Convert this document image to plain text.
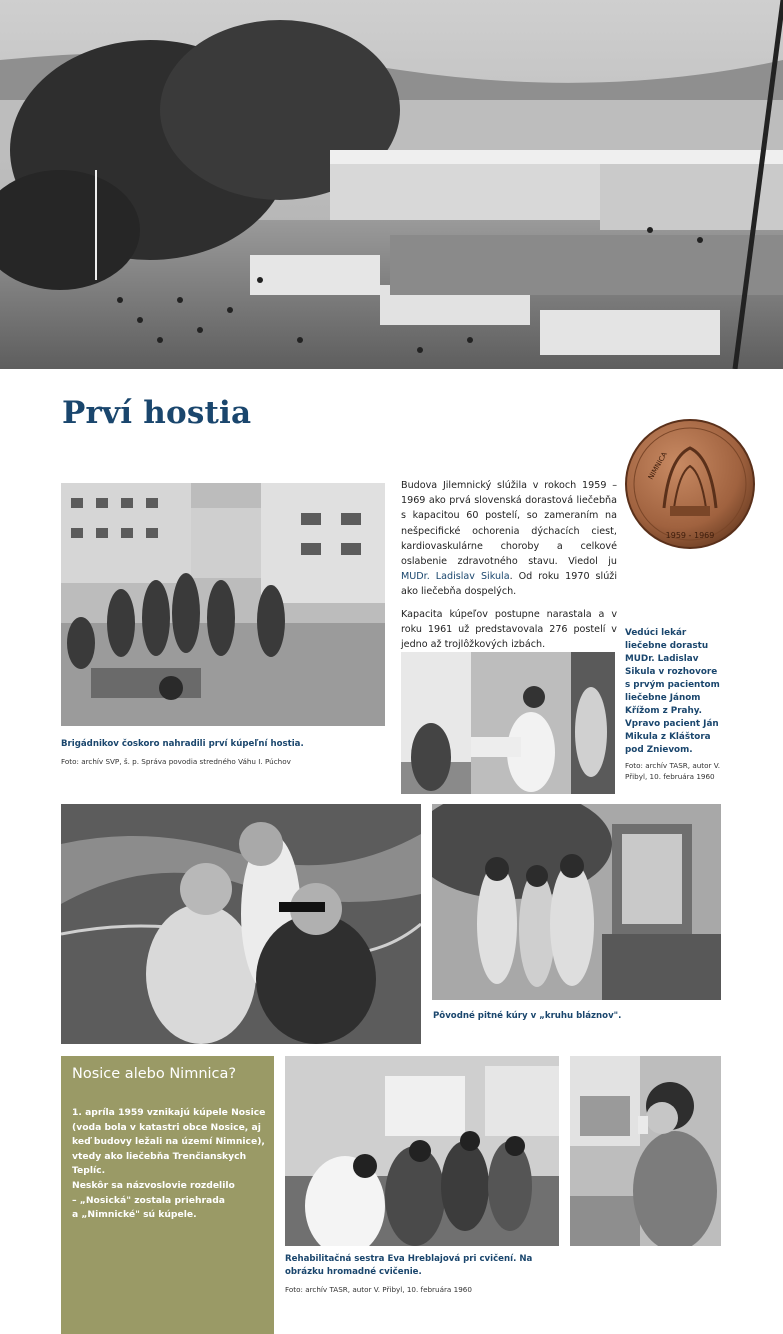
Prví hostia
NIMNICA
1959 - 1969

Budova Jilemnický slúžila v rokoch 1959 – 1969 ako prvá slovenská dorastová liečebňa s kapacitou 60 postelí, so zameraním na nešpecifické ochorenia dýchacích ciest, kardiovaskulárne choroby a celkové oslabenie zdravotného stavu. Viedol ju MUDr. Ladislav Sikula. Od roku 1970 slúži ako liečebňa dospelých.

Kapacita kúpeľov postupne narastala a v roku 1961 už predstavovala 276 postelí v jedno až trojlôžkových izbách.

Brigádnikov čoskoro nahradili prví kúpeľní hostia.
Foto: archív SVP, š. p. Správa povodia stredného Váhu I. Púchov
Vedúci lekár liečebne dorastu MUDr. Ladislav Sikula v rozhovore s prvým pacientom liečebne Jánom Křížom z Prahy. Vpravo pacient Ján Mikula z Kláštora pod Znievom.
Foto: archív TASR, autor V. Přibyl, 10. februára 1960
Pôvodné pitné kúry v „kruhu bláznov".
Nosice alebo Nimnica?

1. apríla 1959 vznikajú kúpele Nosice (voda bola v katastri obce Nosice, aj keď budovy ležali na území Nimnice), vtedy ako liečebňa Trenčianskych Teplíc.

Neskôr sa názvoslovie rozdelilo

– „Nosická" zostala priehrada

a „Nimnické" sú kúpele.

Rehabilitačná sestra Eva Hreblajová pri cvičení. Na obrázku hromadné cvičenie.
Foto: archív TASR, autor V. Přibyl, 10. februára 1960
